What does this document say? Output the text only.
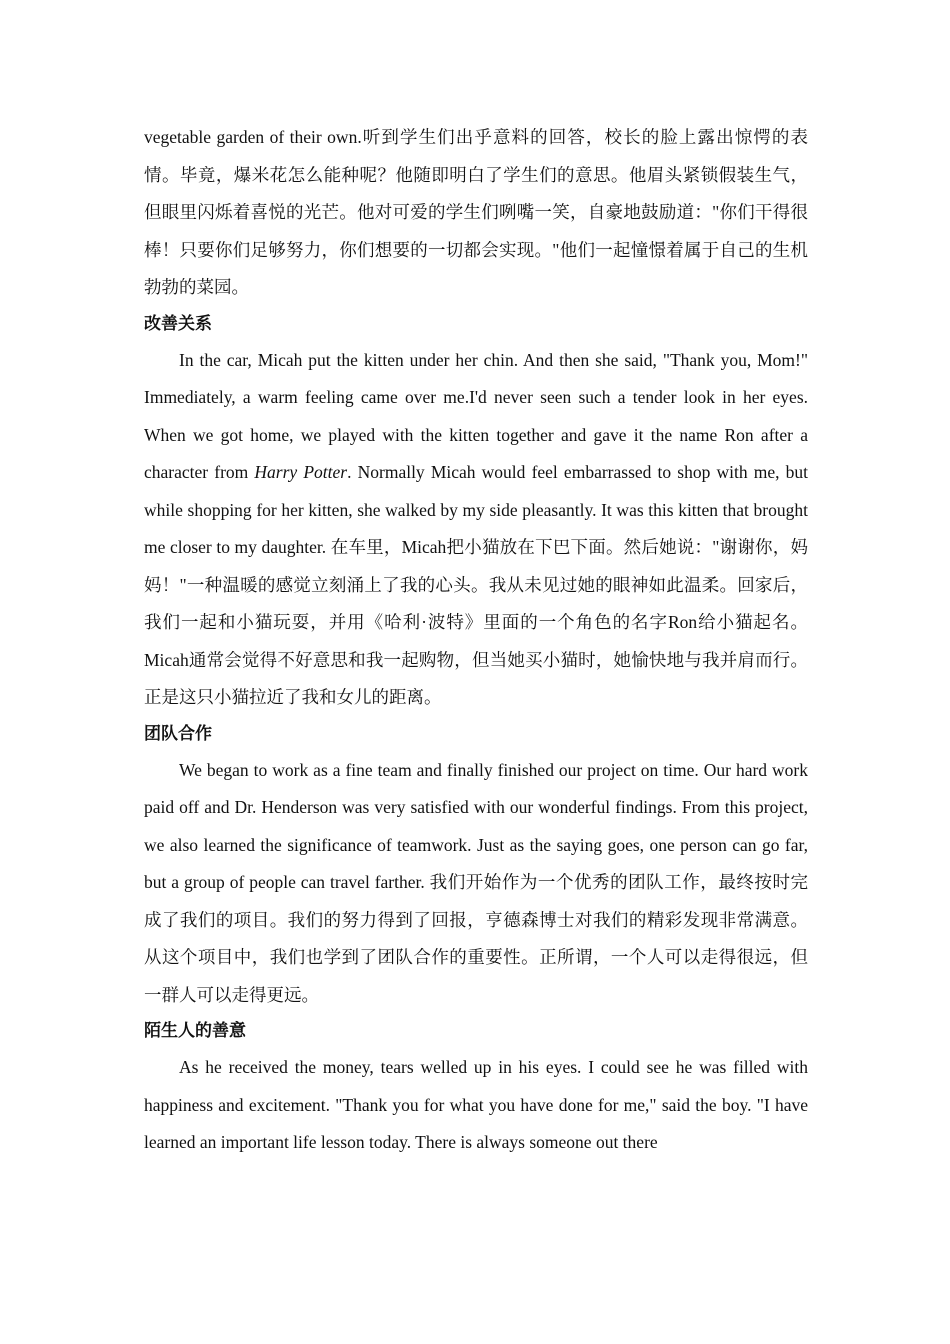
vegetable garden of their own.听到学生们出乎意料的回答，校长的脸上露出惊愕的表情。毕竟，爆米花怎么能种呢？他随即明白了学生们的意思。他眉头紧锁假装生气，但眼里闪烁着喜悦的光芒。他对可爱的学生们咧嘴一笑，自豪地鼓励道："你们干得很棒！只要你们足够努力，你们想要的一切都会实现。"他们一起憧憬着属于自己的生机勃勃的菜园。

改善关系

In the car, Micah put the kitten under her chin. And then she said, "Thank you, Mom!" Immediately, a warm feeling came over me.I'd never seen such a tender look in her eyes. When we got home, we played with the kitten together and gave it the name Ron after a character from Harry Potter. Normally Micah would feel embarrassed to shop with me, but while shopping for her kitten, she walked by my side pleasantly. It was this kitten that brought me closer to my daughter. 在车里，Micah把小猫放在下巴下面。然后她说："谢谢你，妈妈！"一种温暖的感觉立刻涌上了我的心头。我从未见过她的眼神如此温柔。回家后，我们一起和小猫玩耍，并用《哈利·波特》里面的一个角色的名字Ron给小猫起名。Micah通常会觉得不好意思和我一起购物，但当她买小猫时，她愉快地与我并肩而行。正是这只小猫拉近了我和女儿的距离。

团队合作

We began to work as a fine team and finally finished our project on time. Our hard work paid off and Dr. Henderson was very satisfied with our wonderful findings. From this project, we also learned the significance of teamwork. Just as the saying goes, one person can go far, but a group of people can travel farther. 我们开始作为一个优秀的团队工作，最终按时完成了我们的项目。我们的努力得到了回报，亨德森博士对我们的精彩发现非常满意。从这个项目中，我们也学到了团队合作的重要性。正所谓，一个人可以走得很远，但一群人可以走得更远。

陌生人的善意

As he received the money, tears welled up in his eyes. I could see he was filled with happiness and excitement. "Thank you for what you have done for me," said the boy. "I have learned an important life lesson today. There is always someone out there
